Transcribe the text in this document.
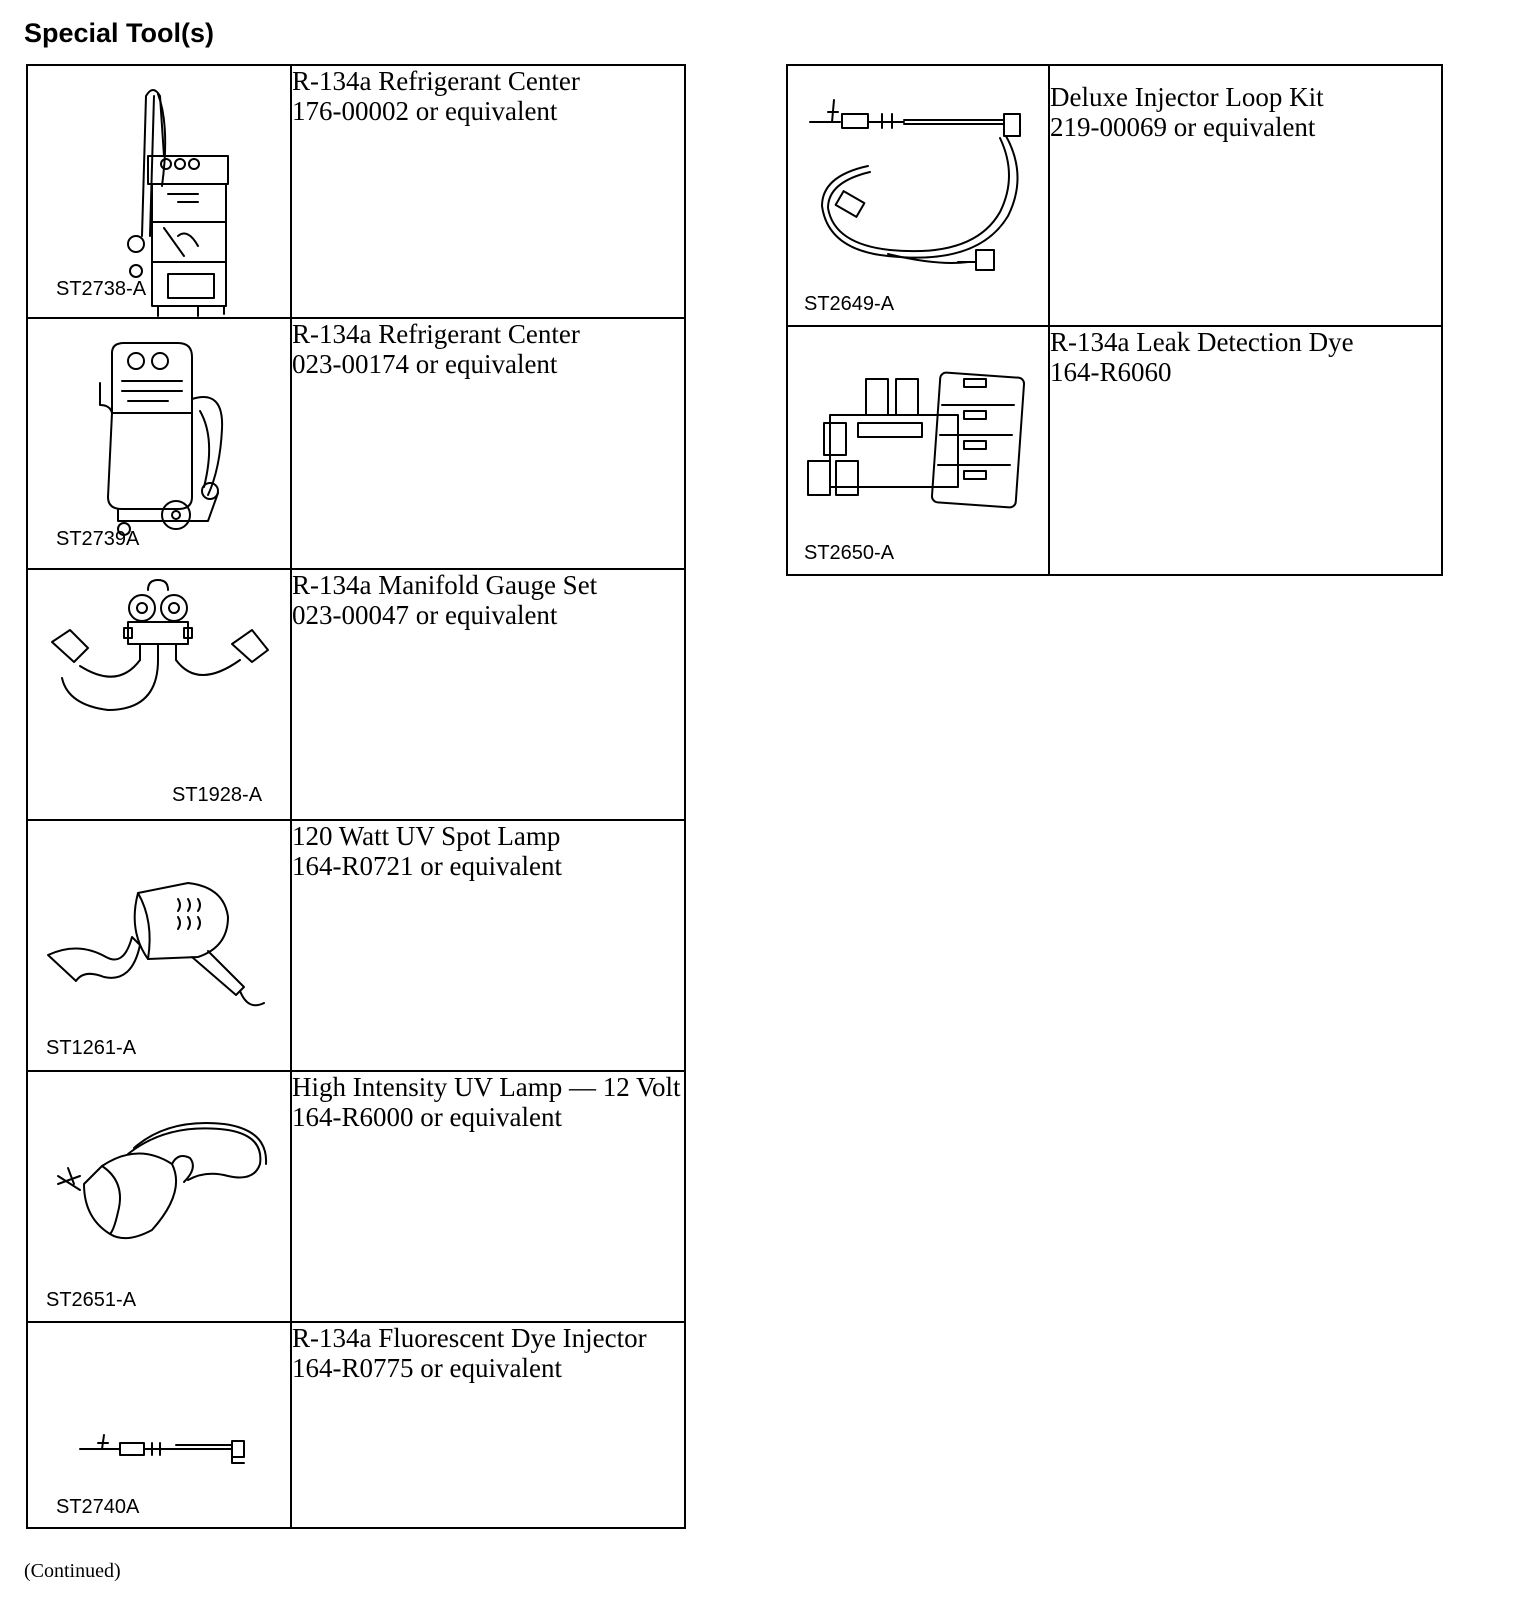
Special Tool(s)
ST2738-A	R-134a Refrigerant Center
176-00002 or equivalent

ST2739A	R-134a Refrigerant Center
023-00174 or equivalent

ST1928-A	R-134a Manifold Gauge Set
023-00047 or equivalent

ST1261-A	120 Watt UV Spot Lamp
164-R0721 or equivalent

ST2651-A	High Intensity UV Lamp — 12 Volt
164-R6000 or equivalent

ST2740A	R-134a Fluorescent Dye Injector
164-R0775 or equivalent
ST2649-A	Deluxe Injector Loop Kit
219-00069 or equivalent

ST2650-A	R-134a Leak Detection Dye
164-R6060
(Continued)
